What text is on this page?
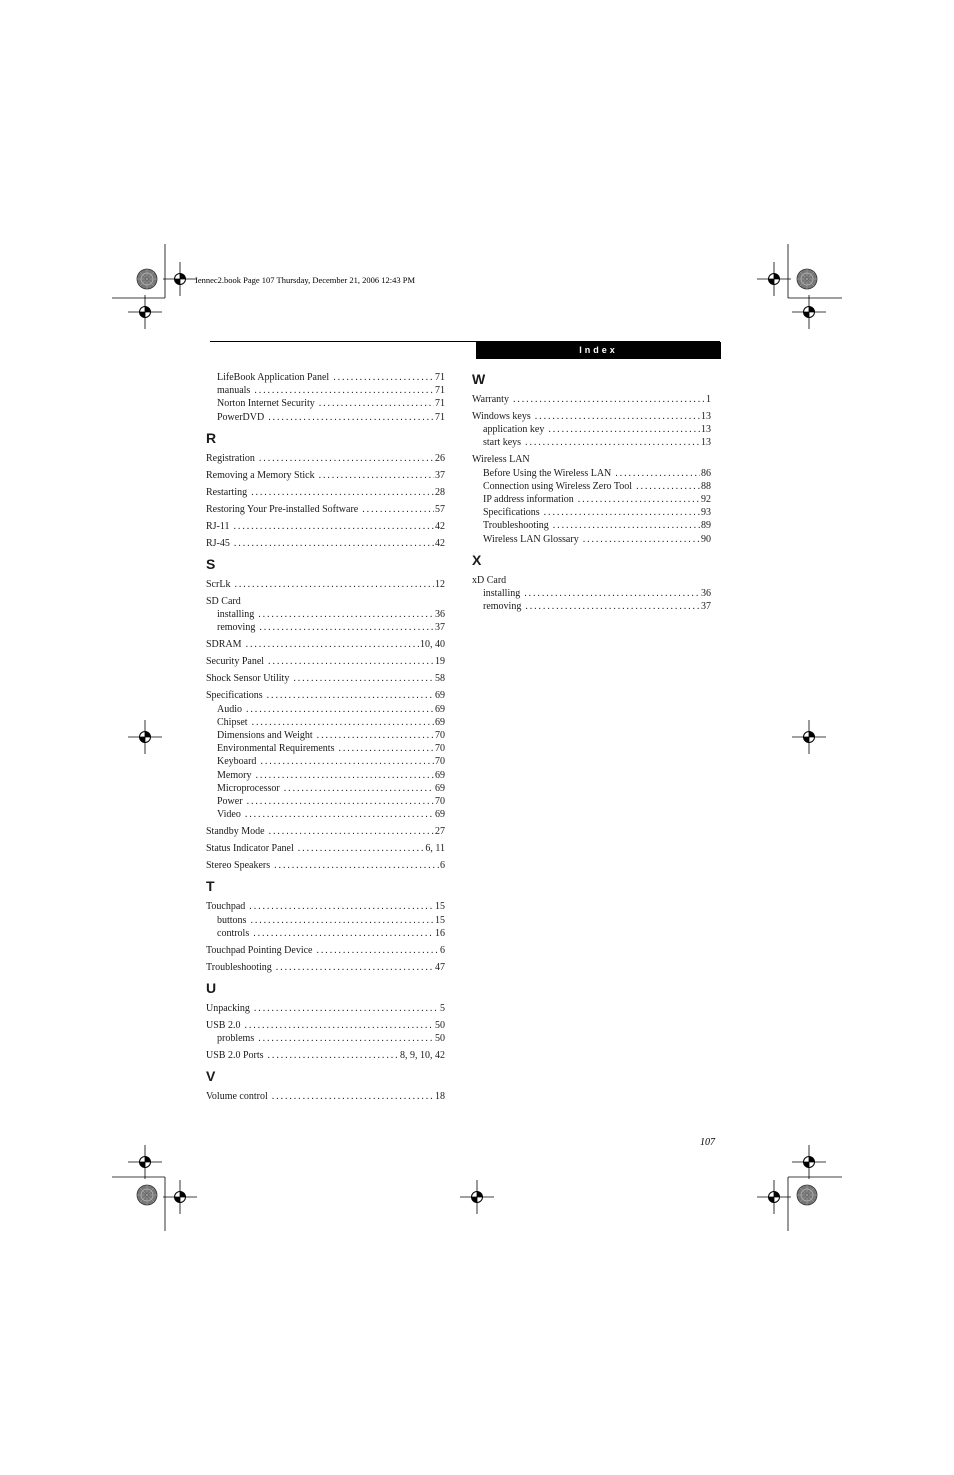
Iennec2.book Page 107 Thursday, December 21, 2006 12:43 PM
Index
LifeBook Application Panel . . .	71
manuals . . .	71
Norton Internet Security . . .	71
PowerDVD . . .	71
R
Registration . . .	26
Removing a Memory Stick . . .	37
Restarting . . .	28
Restoring Your Pre-installed Software . . .	57
RJ-11 . . .	42
RJ-45 . . .	42
S
ScrLk . . .	12
SD Card
installing . . .	36
removing . . .	37
SDRAM . . .	10, 40
Security Panel . . .	19
Shock Sensor Utility . . .	58
Specifications . . .	69
Audio . . .	69
Chipset . . .	69
Dimensions and Weight . . .	70
Environmental Requirements . . .	70
Keyboard . . .	70
Memory . . .	69
Microprocessor . . .	69
Power . . .	70
Video . . .	69
Standby Mode . . .	27
Status Indicator Panel . . .	6, 11
Stereo Speakers . . .	6
T
Touchpad . . .	15
buttons . . .	15
controls . . .	16
Touchpad Pointing Device . . .	6
Troubleshooting . . .	47
U
Unpacking . . .	5
USB 2.0 . . .	50
problems . . .	50
USB 2.0 Ports . . .	8, 9, 10, 42
V
Volume control . . .	18
W
Warranty . . .	1
Windows keys . . .	13
application key . . .	13
start keys . . .	13
Wireless LAN
Before Using the Wireless LAN . . .	86
Connection using Wireless Zero Tool . . .	88
IP address information . . .	92
Specifications . . .	93
Troubleshooting . . .	89
Wireless LAN Glossary . . .	90
X
xD Card
installing . . .	36
removing . . .	37
107
